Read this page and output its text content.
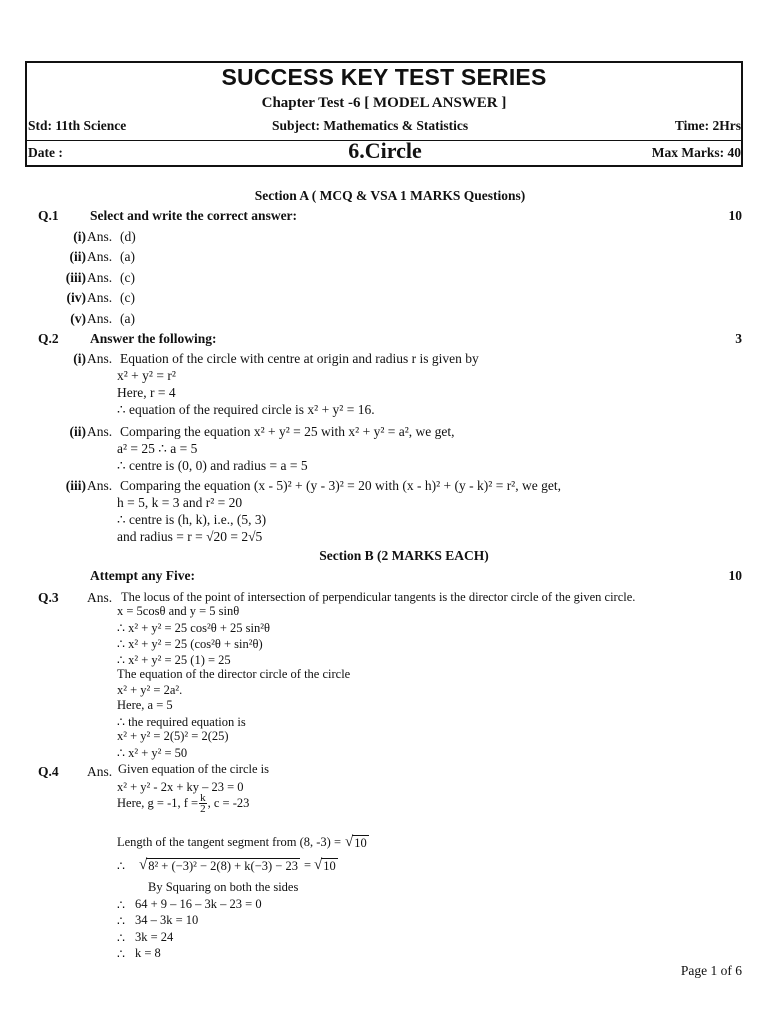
SUCCESS KEY TEST SERIES
Chapter Test -6 [ MODEL ANSWER ]
Std: 11th Science	Subject: Mathematics & Statistics	Time: 2Hrs
Date :	6.Circle	Max Marks: 40
Section A ( MCQ & VSA 1 MARKS Questions)
Q.1 Select and write the correct answer:	10
(i) Ans. (d)
(ii) Ans. (a)
(iii) Ans. (c)
(iv) Ans. (c)
(v) Ans. (a)
Q.2 Answer the following:	3
(i) Ans. Equation of the circle with centre at origin and radius r is given by
x² + y² = r²
Here, r = 4
∴ equation of the required circle is x² + y² = 16.
(ii) Ans. Comparing the equation x² + y² = 25 with x² + y² = a², we get,
a² = 25 ∴ a = 5
∴ centre is (0, 0) and radius = a = 5
(iii) Ans. Comparing the equation (x - 5)² + (y - 3)² = 20 with (x - h)² + (y - k)² = r², we get,
h = 5, k = 3 and r² = 20
∴ centre is (h, k), i.e., (5, 3)
and radius = r = √20 = 2√5
Section B (2 MARKS EACH)
Attempt any Five:	10
Q.3 Ans. The locus of the point of intersection of perpendicular tangents is the director circle of the given circle.
x = 5cosθ and y = 5 sinθ
∴ x² + y² = 25 cos²θ + 25 sin²θ
∴ x² + y² = 25 (cos²θ + sin²θ)
∴ x² + y² = 25 (1) = 25
The equation of the director circle of the circle
x² + y² = 2a².
Here, a = 5
∴ the required equation is
x² + y² = 2(5)² = 2(25)
∴ x² + y² = 50
Q.4 Ans. Given equation of the circle is
x² + y² - 2x + ky – 23 = 0
Here, g = -1, $f = \frac{k}{2}$ , c = -23
Length of the tangent segment from (8, -3) = √ 10
∴ √ 8² + (−3)² − 2(8) + k(−3) − 23 = √ 10
By Squaring on both the sides
∴ 64 + 9 – 16 – 3k – 23 = 0
∴ 34 – 3k = 10
∴ 3k = 24
∴ k = 8
Page 1 of 6
